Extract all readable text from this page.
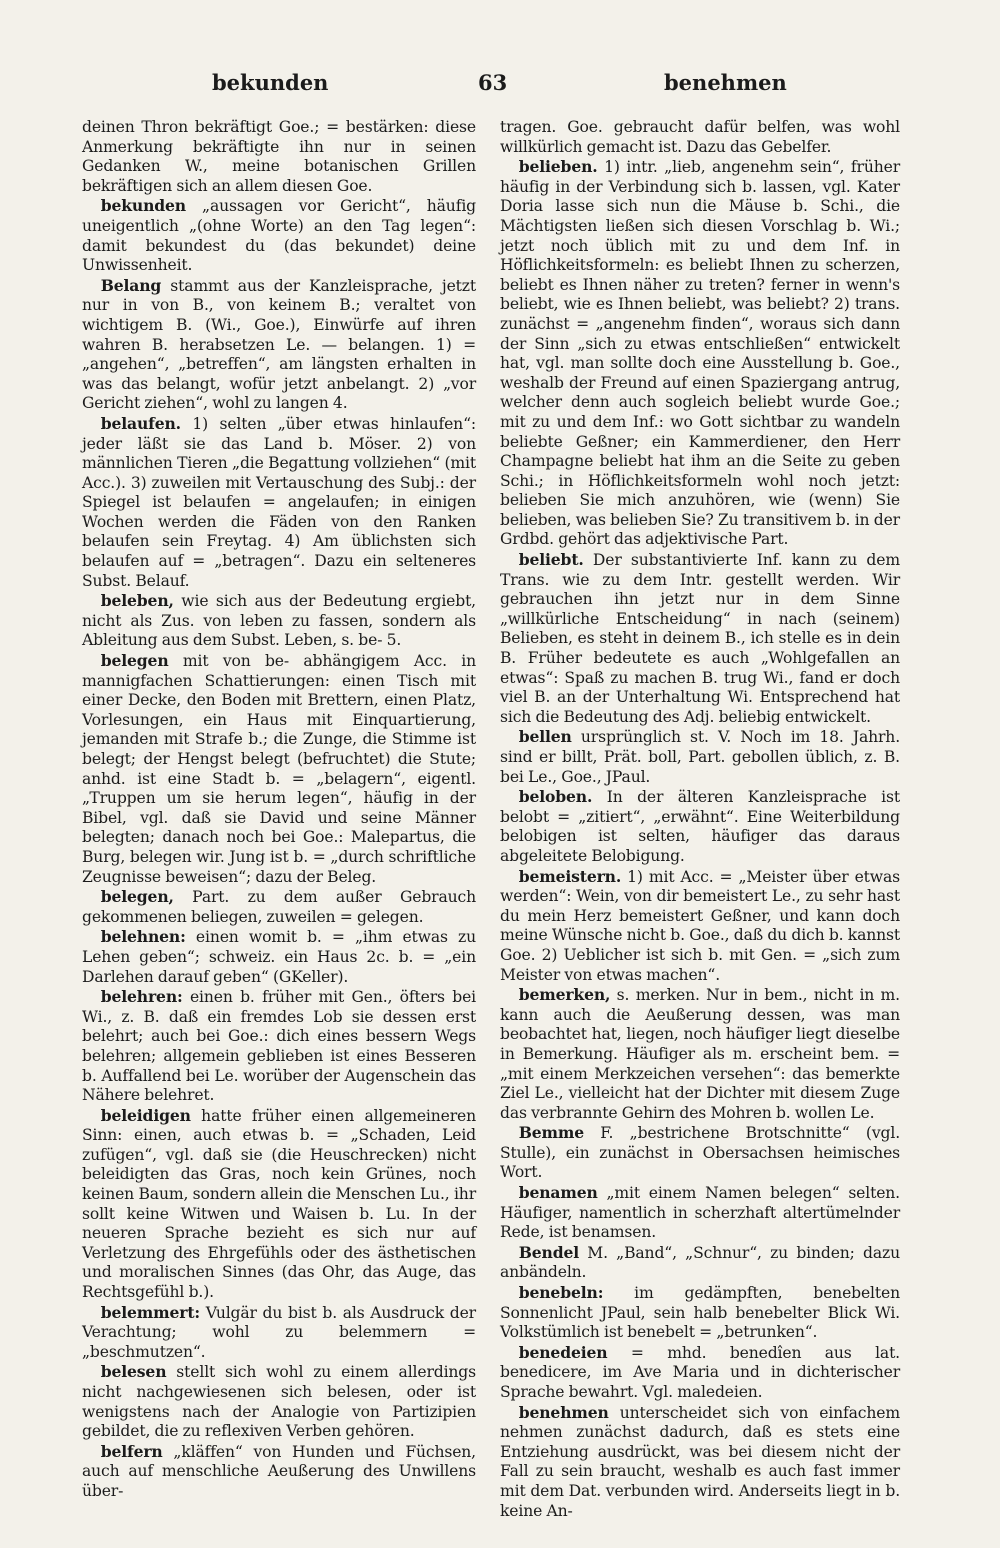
bekunden	63	benehmen

deinen Thron bekräftigt Goe.; = bestärken: diese Anmerkung bekräftigte ihn nur in seinen Gedanken W., meine botanischen Grillen bekräftigen sich an allem diesen Goe.

bekunden „aussagen vor Gericht“, häufig uneigentlich „(ohne Worte) an den Tag legen“: damit bekundest du (das bekundet) deine Unwissenheit.

Belang stammt aus der Kanzleisprache, jetzt nur in von B., von keinem B.; veraltet von wichtigem B. (Wi., Goe.), Einwürfe auf ihren wahren B. herabsetzen Le. — belangen. 1) = „angehen“, „betreffen“, am längsten erhalten in was das belangt, wofür jetzt anbelangt. 2) „vor Gericht ziehen“, wohl zu langen 4.

belaufen. 1) selten „über etwas hinlaufen“: jeder läßt sie das Land b. Möser. 2) von männlichen Tieren „die Begattung vollziehen“ (mit Acc.). 3) zuweilen mit Vertauschung des Subj.: der Spiegel ist belaufen = angelaufen; in einigen Wochen werden die Fäden von den Ranken belaufen sein Freytag. 4) Am üblichsten sich belaufen auf = „betragen“. Dazu ein selteneres Subst. Belauf.

beleben, wie sich aus der Bedeutung ergiebt, nicht als Zus. von leben zu fassen, sondern als Ableitung aus dem Subst. Leben, s. be- 5.

belegen mit von be- abhängigem Acc. in mannigfachen Schattierungen: einen Tisch mit einer Decke, den Boden mit Brettern, einen Platz, Vorlesungen, ein Haus mit Einquartierung, jemanden mit Strafe b.; die Zunge, die Stimme ist belegt; der Hengst belegt (befruchtet) die Stute; anhd. ist eine Stadt b. = „belagern“, eigentl. „Truppen um sie herum legen“, häufig in der Bibel, vgl. daß sie David und seine Männer belegten; danach noch bei Goe.: Malepartus, die Burg, belegen wir. Jung ist b. = „durch schriftliche Zeugnisse beweisen“; dazu der Beleg.

belegen, Part. zu dem außer Gebrauch gekommenen beliegen, zuweilen = gelegen.

belehnen: einen womit b. = „ihm etwas zu Lehen geben“; schweiz. ein Haus 2c. b. = „ein Darlehen darauf geben“ (GKeller).

belehren: einen b. früher mit Gen., öfters bei Wi., z. B. daß ein fremdes Lob sie dessen erst belehrt; auch bei Goe.: dich eines bessern Wegs belehren; allgemein geblieben ist eines Besseren b. Auffallend bei Le. worüber der Augenschein das Nähere belehret.

beleidigen hatte früher einen allgemeineren Sinn: einen, auch etwas b. = „Schaden, Leid zufügen“, vgl. daß sie (die Heuschrecken) nicht beleidigten das Gras, noch kein Grünes, noch keinen Baum, sondern allein die Menschen Lu., ihr sollt keine Witwen und Waisen b. Lu. In der neueren Sprache bezieht es sich nur auf Verletzung des Ehrgefühls oder des ästhetischen und moralischen Sinnes (das Ohr, das Auge, das Rechtsgefühl b.).

belemmert: Vulgär du bist b. als Ausdruck der Verachtung; wohl zu belemmern = „beschmutzen“.

belesen stellt sich wohl zu einem allerdings nicht nachgewiesenen sich belesen, oder ist wenigstens nach der Analogie von Partizipien gebildet, die zu reflexiven Verben gehören.

belfern „kläffen“ von Hunden und Füchsen, auch auf menschliche Aeußerung des Unwillens über-

tragen. Goe. gebraucht dafür belfen, was wohl willkürlich gemacht ist. Dazu das Gebelfer.

belieben. 1) intr. „lieb, angenehm sein“, früher häufig in der Verbindung sich b. lassen, vgl. Kater Doria lasse sich nun die Mäuse b. Schi., die Mächtigsten ließen sich diesen Vorschlag b. Wi.; jetzt noch üblich mit zu und dem Inf. in Höflichkeitsformeln: es beliebt Ihnen zu scherzen, beliebt es Ihnen näher zu treten? ferner in wenn's beliebt, wie es Ihnen beliebt, was beliebt? 2) trans. zunächst = „angenehm finden“, woraus sich dann der Sinn „sich zu etwas entschließen“ entwickelt hat, vgl. man sollte doch eine Ausstellung b. Goe., weshalb der Freund auf einen Spaziergang antrug, welcher denn auch sogleich beliebt wurde Goe.; mit zu und dem Inf.: wo Gott sichtbar zu wandeln beliebte Geßner; ein Kammerdiener, den Herr Champagne beliebt hat ihm an die Seite zu geben Schi.; in Höflichkeitsformeln wohl noch jetzt: belieben Sie mich anzuhören, wie (wenn) Sie belieben, was belieben Sie? Zu transitivem b. in der Grdbd. gehört das adjektivische Part.

beliebt. Der substantivierte Inf. kann zu dem Trans. wie zu dem Intr. gestellt werden. Wir gebrauchen ihn jetzt nur in dem Sinne „willkürliche Entscheidung“ in nach (seinem) Belieben, es steht in deinem B., ich stelle es in dein B. Früher bedeutete es auch „Wohlgefallen an etwas“: Spaß zu machen B. trug Wi., fand er doch viel B. an der Unterhaltung Wi. Entsprechend hat sich die Bedeutung des Adj. beliebig entwickelt.

bellen ursprünglich st. V. Noch im 18. Jahrh. sind er billt, Prät. boll, Part. gebollen üblich, z. B. bei Le., Goe., JPaul.

beloben. In der älteren Kanzleisprache ist belobt = „zitiert“, „erwähnt“. Eine Weiterbildung belobigen ist selten, häufiger das daraus abgeleitete Belobigung.

bemeistern. 1) mit Acc. = „Meister über etwas werden“: Wein, von dir bemeistert Le., zu sehr hast du mein Herz bemeistert Geßner, und kann doch meine Wünsche nicht b. Goe., daß du dich b. kannst Goe. 2) Ueblicher ist sich b. mit Gen. = „sich zum Meister von etwas machen“.

bemerken, s. merken. Nur in bem., nicht in m. kann auch die Aeußerung dessen, was man beobachtet hat, liegen, noch häufiger liegt dieselbe in Bemerkung. Häufiger als m. erscheint bem. = „mit einem Merkzeichen versehen“: das bemerkte Ziel Le., vielleicht hat der Dichter mit diesem Zuge das verbrannte Gehirn des Mohren b. wollen Le.

Bemme F. „bestrichene Brotschnitte“ (vgl. Stulle), ein zunächst in Obersachsen heimisches Wort.

benamen „mit einem Namen belegen“ selten. Häufiger, namentlich in scherzhaft altertümelnder Rede, ist benamsen.

Bendel M. „Band“, „Schnur“, zu binden; dazu anbändeln.

benebeln: im gedämpften, benebelten Sonnenlicht JPaul, sein halb benebelter Blick Wi. Volkstümlich ist benebelt = „betrunken“.

benedeien = mhd. benedîen aus lat. benedicere, im Ave Maria und in dichterischer Sprache bewahrt. Vgl. maledeien.

benehmen unterscheidet sich von einfachem nehmen zunächst dadurch, daß es stets eine Entziehung ausdrückt, was bei diesem nicht der Fall zu sein braucht, weshalb es auch fast immer mit dem Dat. verbunden wird. Anderseits liegt in b. keine An-
